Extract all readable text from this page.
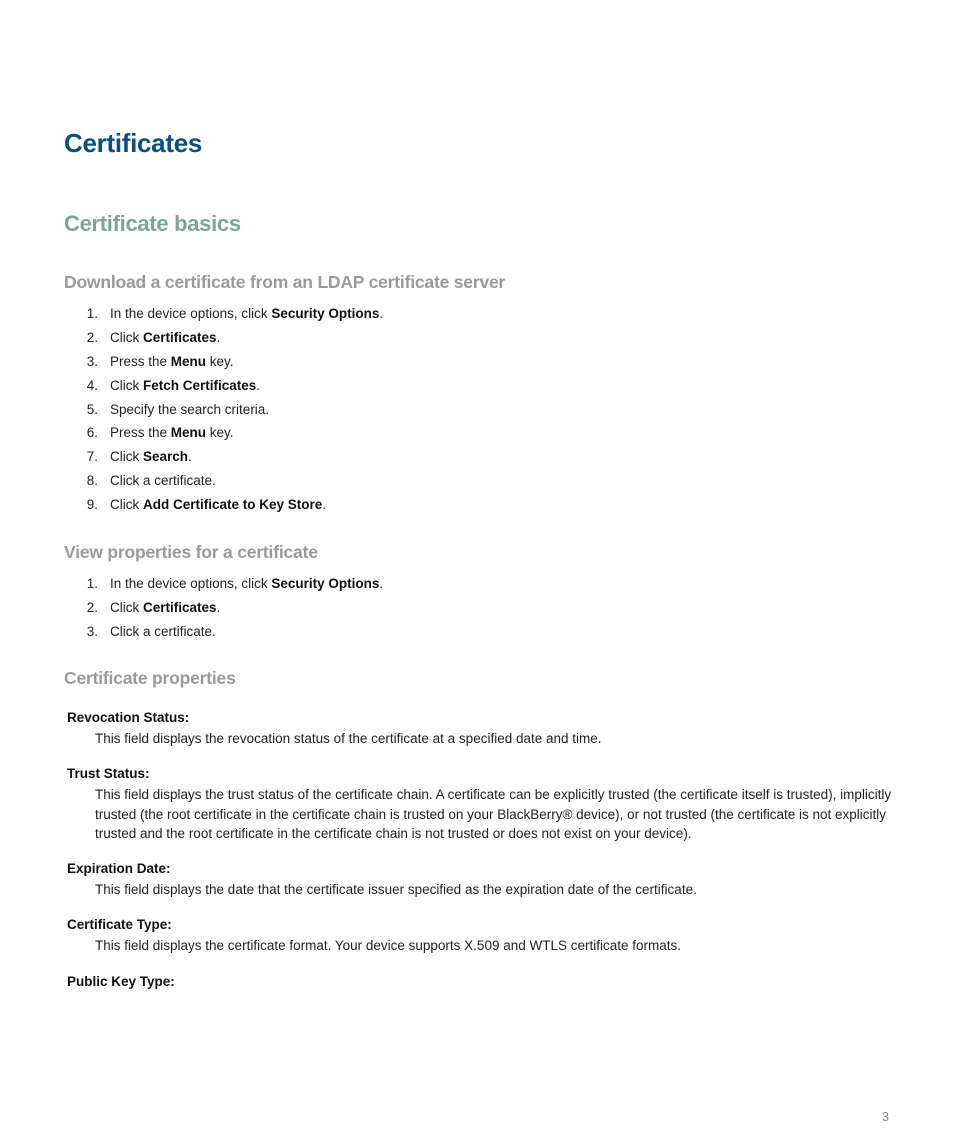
Certificates
Certificate basics
Download a certificate from an LDAP certificate server
1. In the device options, click Security Options.
2. Click Certificates.
3. Press the Menu key.
4. Click Fetch Certificates.
5. Specify the search criteria.
6. Press the Menu key.
7. Click Search.
8. Click a certificate.
9. Click Add Certificate to Key Store.
View properties for a certificate
1. In the device options, click Security Options.
2. Click Certificates.
3. Click a certificate.
Certificate properties
Revocation Status:
This field displays the revocation status of the certificate at a specified date and time.
Trust Status:
This field displays the trust status of the certificate chain. A certificate can be explicitly trusted (the certificate itself is trusted), implicitly trusted (the root certificate in the certificate chain is trusted on your BlackBerry® device), or not trusted (the certificate is not explicitly trusted and the root certificate in the certificate chain is not trusted or does not exist on your device).
Expiration Date:
This field displays the date that the certificate issuer specified as the expiration date of the certificate.
Certificate Type:
This field displays the certificate format. Your device supports X.509 and WTLS certificate formats.
Public Key Type:
3
